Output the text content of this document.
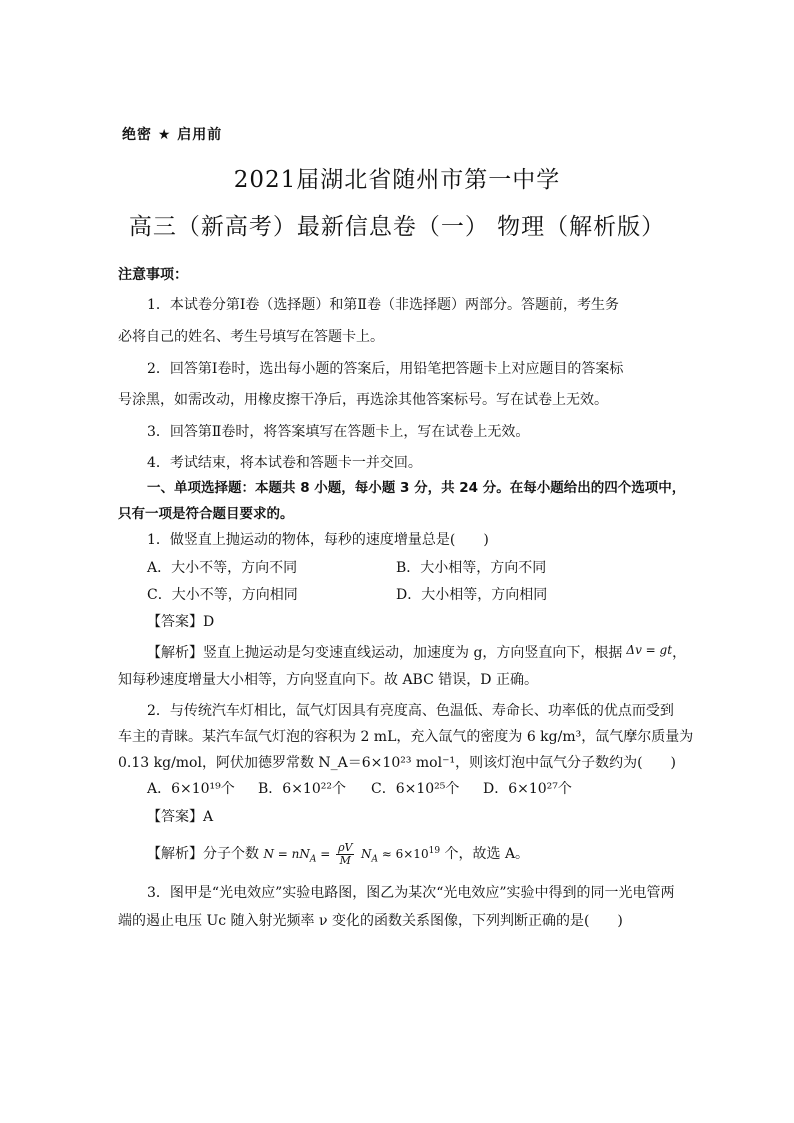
绝密 ★ 启用前
2021届湖北省随州市第一中学
高三（新高考）最新信息卷（一） 物理（解析版）
注意事项：
1．本试卷分第Ⅰ卷（选择题）和第Ⅱ卷（非选择题）两部分。答题前，考生务
必将自己的姓名、考生号填写在答题卡上。
2．回答第Ⅰ卷时，选出每小题的答案后，用铅笔把答题卡上对应题目的答案标
号涂黑，如需改动，用橡皮擦干净后，再选涂其他答案标号。写在试卷上无效。
3．回答第Ⅱ卷时，将答案填写在答题卡上，写在试卷上无效。
4．考试结束，将本试卷和答题卡一并交回。
一、单项选择题：本题共 8 小题，每小题 3 分，共 24 分。在每小题给出的四个选项中，
只有一项是符合题目要求的。
1．做竖直上抛运动的物体，每秒的速度增量总是(　　)
A．大小不等，方向不同	B．大小相等，方向不同
C．大小不等，方向相同	D．大小相等，方向相同
【答案】D
【解析】竖直上抛运动是匀变速直线运动，加速度为 g，方向竖直向下，根据 Δv = gt，
知每秒速度增量大小相等，方向竖直向下。故 ABC 错误，D 正确。
2．与传统汽车灯相比，氙气灯因具有亮度高、色温低、寿命长、功率低的优点而受到
车主的青睐。某汽车氙气灯泡的容积为 2 mL，充入氙气的密度为 6 kg/m³，氙气摩尔质量为
0.13 kg/mol，阿伏加德罗常数 N_A＝6×10²³ mol⁻¹，则该灯泡中氙气分子数约为(　　)
A．6×10¹⁹个 B．6×10²²个 C．6×10²⁵个 D．6×10²⁷个
【答案】A
【解析】分子个数 $N = nN_A = \frac{\rho V}{M} N_A \approx 6\times 10^{19}$ 个，故选 A。
3．图甲是“光电效应”实验电路图，图乙为某次“光电效应”实验中得到的同一光电管两
端的遏止电压 Uc 随入射光频率 ν 变化的函数关系图像，下列判断正确的是(　　)
